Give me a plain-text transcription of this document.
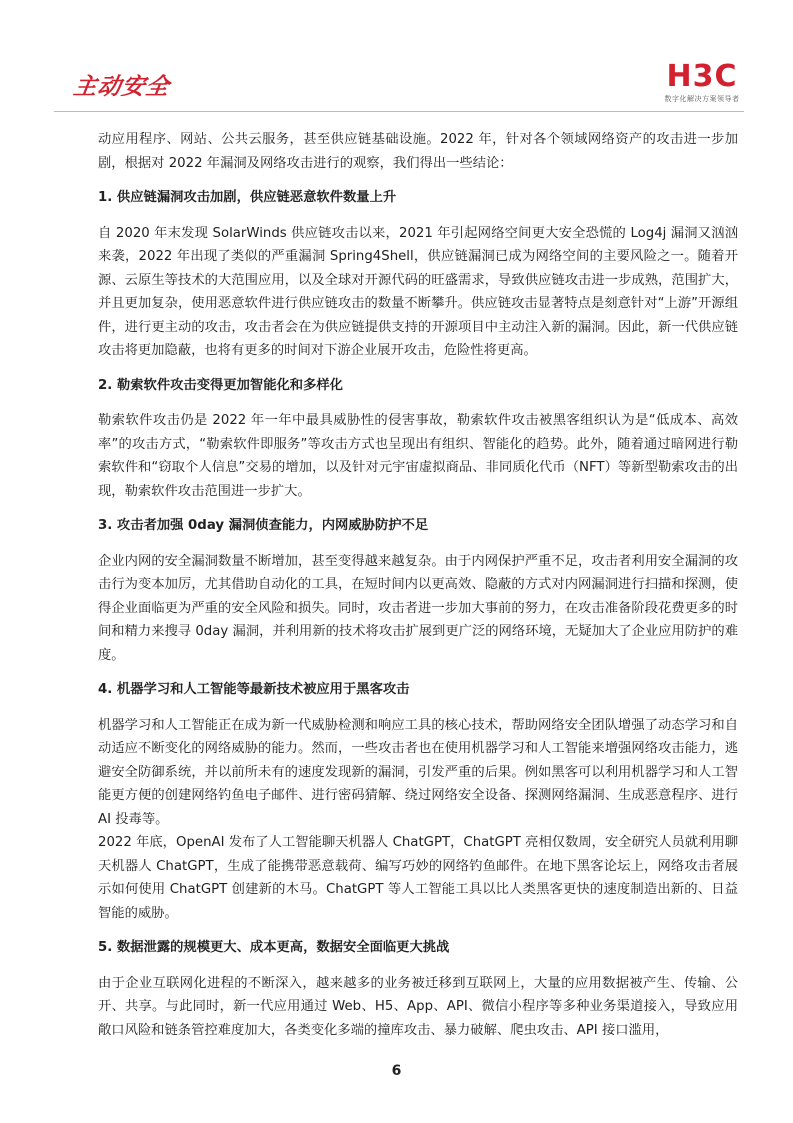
主动安全	H3C
数字化解决方案领导者

动应用程序、网站、公共云服务，甚至供应链基础设施。2022 年，针对各个领域网络资产的攻击进一步加剧，根据对 2022 年漏洞及网络攻击进行的观察，我们得出一些结论：

1. 供应链漏洞攻击加剧，供应链恶意软件数量上升

自 2020 年末发现 SolarWinds 供应链攻击以来，2021 年引起网络空间更大安全恐慌的 Log4j 漏洞又汹汹来袭，2022 年出现了类似的严重漏洞 Spring4Shell，供应链漏洞已成为网络空间的主要风险之一。随着开源、云原生等技术的大范围应用，以及全球对开源代码的旺盛需求，导致供应链攻击进一步成熟，范围扩大，并且更加复杂，使用恶意软件进行供应链攻击的数量不断攀升。供应链攻击显著特点是刻意针对“上游”开源组件，进行更主动的攻击，攻击者会在为供应链提供支持的开源项目中主动注入新的漏洞。因此，新一代供应链攻击将更加隐蔽，也将有更多的时间对下游企业展开攻击，危险性将更高。

2. 勒索软件攻击变得更加智能化和多样化

勒索软件攻击仍是 2022 年一年中最具威胁性的侵害事故，勒索软件攻击被黑客组织认为是“低成本、高效率”的攻击方式，“勒索软件即服务”等攻击方式也呈现出有组织、智能化的趋势。此外，随着通过暗网进行勒索软件和“窃取个人信息”交易的增加，以及针对元宇宙虚拟商品、非同质化代币（NFT）等新型勒索攻击的出现，勒索软件攻击范围进一步扩大。

3. 攻击者加强 0day 漏洞侦查能力，内网威胁防护不足

企业内网的安全漏洞数量不断增加，甚至变得越来越复杂。由于内网保护严重不足，攻击者利用安全漏洞的攻击行为变本加厉，尤其借助自动化的工具，在短时间内以更高效、隐蔽的方式对内网漏洞进行扫描和探测，使得企业面临更为严重的安全风险和损失。同时，攻击者进一步加大事前的努力，在攻击准备阶段花费更多的时间和精力来搜寻 0day 漏洞，并利用新的技术将攻击扩展到更广泛的网络环境，无疑加大了企业应用防护的难度。

4. 机器学习和人工智能等最新技术被应用于黑客攻击

机器学习和人工智能正在成为新一代威胁检测和响应工具的核心技术，帮助网络安全团队增强了动态学习和自动适应不断变化的网络威胁的能力。然而，一些攻击者也在使用机器学习和人工智能来增强网络攻击能力，逃避安全防御系统，并以前所未有的速度发现新的漏洞，引发严重的后果。例如黑客可以利用机器学习和人工智能更方便的创建网络钓鱼电子邮件、进行密码猜解、绕过网络安全设备、探测网络漏洞、生成恶意程序、进行 AI 投毒等。

2022 年底，OpenAI 发布了人工智能聊天机器人 ChatGPT，ChatGPT 亮相仅数周，安全研究人员就利用聊天机器人 ChatGPT，生成了能携带恶意载荷、编写巧妙的网络钓鱼邮件。在地下黑客论坛上，网络攻击者展示如何使用 ChatGPT 创建新的木马。ChatGPT 等人工智能工具以比人类黑客更快的速度制造出新的、日益智能的威胁。

5. 数据泄露的规模更大、成本更高，数据安全面临更大挑战

由于企业互联网化进程的不断深入，越来越多的业务被迁移到互联网上，大量的应用数据被产生、传输、公开、共享。与此同时，新一代应用通过 Web、H5、App、API、微信小程序等多种业务渠道接入，导致应用敞口风险和链条管控难度加大，各类变化多端的撞库攻击、暴力破解、爬虫攻击、API 接口滥用，

6
